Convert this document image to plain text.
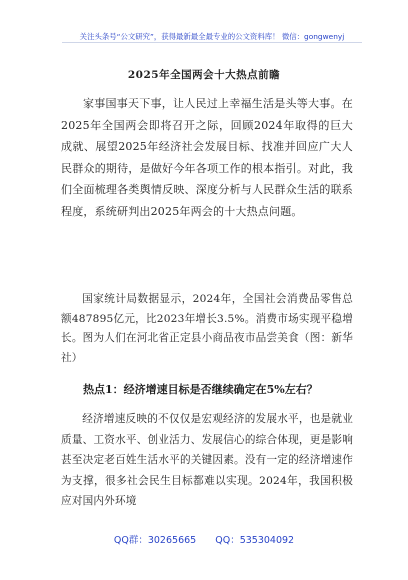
关注头条号“公文研究”，获得最新最全最专业的公文资料库！ 微信：gongwenyj
2025年全国两会十大热点前瞻

家事国事天下事，让人民过上幸福生活是头等大事。在2025年全国两会即将召开之际，回顾2024年取得的巨大成就、展望2025年经济社会发展目标、找准并回应广大人民群众的期待，是做好今年各项工作的根本指引。对此，我们全面梳理各类舆情反映、深度分析与人民群众生活的联系程度，系统研判出2025年两会的十大热点问题。

国家统计局数据显示，2024年，全国社会消费品零售总额487895亿元，比2023年增长3.5%。消费市场实现平稳增长。图为人们在河北省正定县小商品夜市品尝美食（图：新华社）

热点1：经济增速目标是否继续确定在5%左右？

经济增速反映的不仅仅是宏观经济的发展水平，也是就业质量、工资水平、创业活力、发展信心的综合体现，更是影响甚至决定老百姓生活水平的关键因素。没有一定的经济增速作为支撑，很多社会民生目标都难以实现。2024年，我国积极应对国内外环境

QQ群：30265665 QQ：535304092
